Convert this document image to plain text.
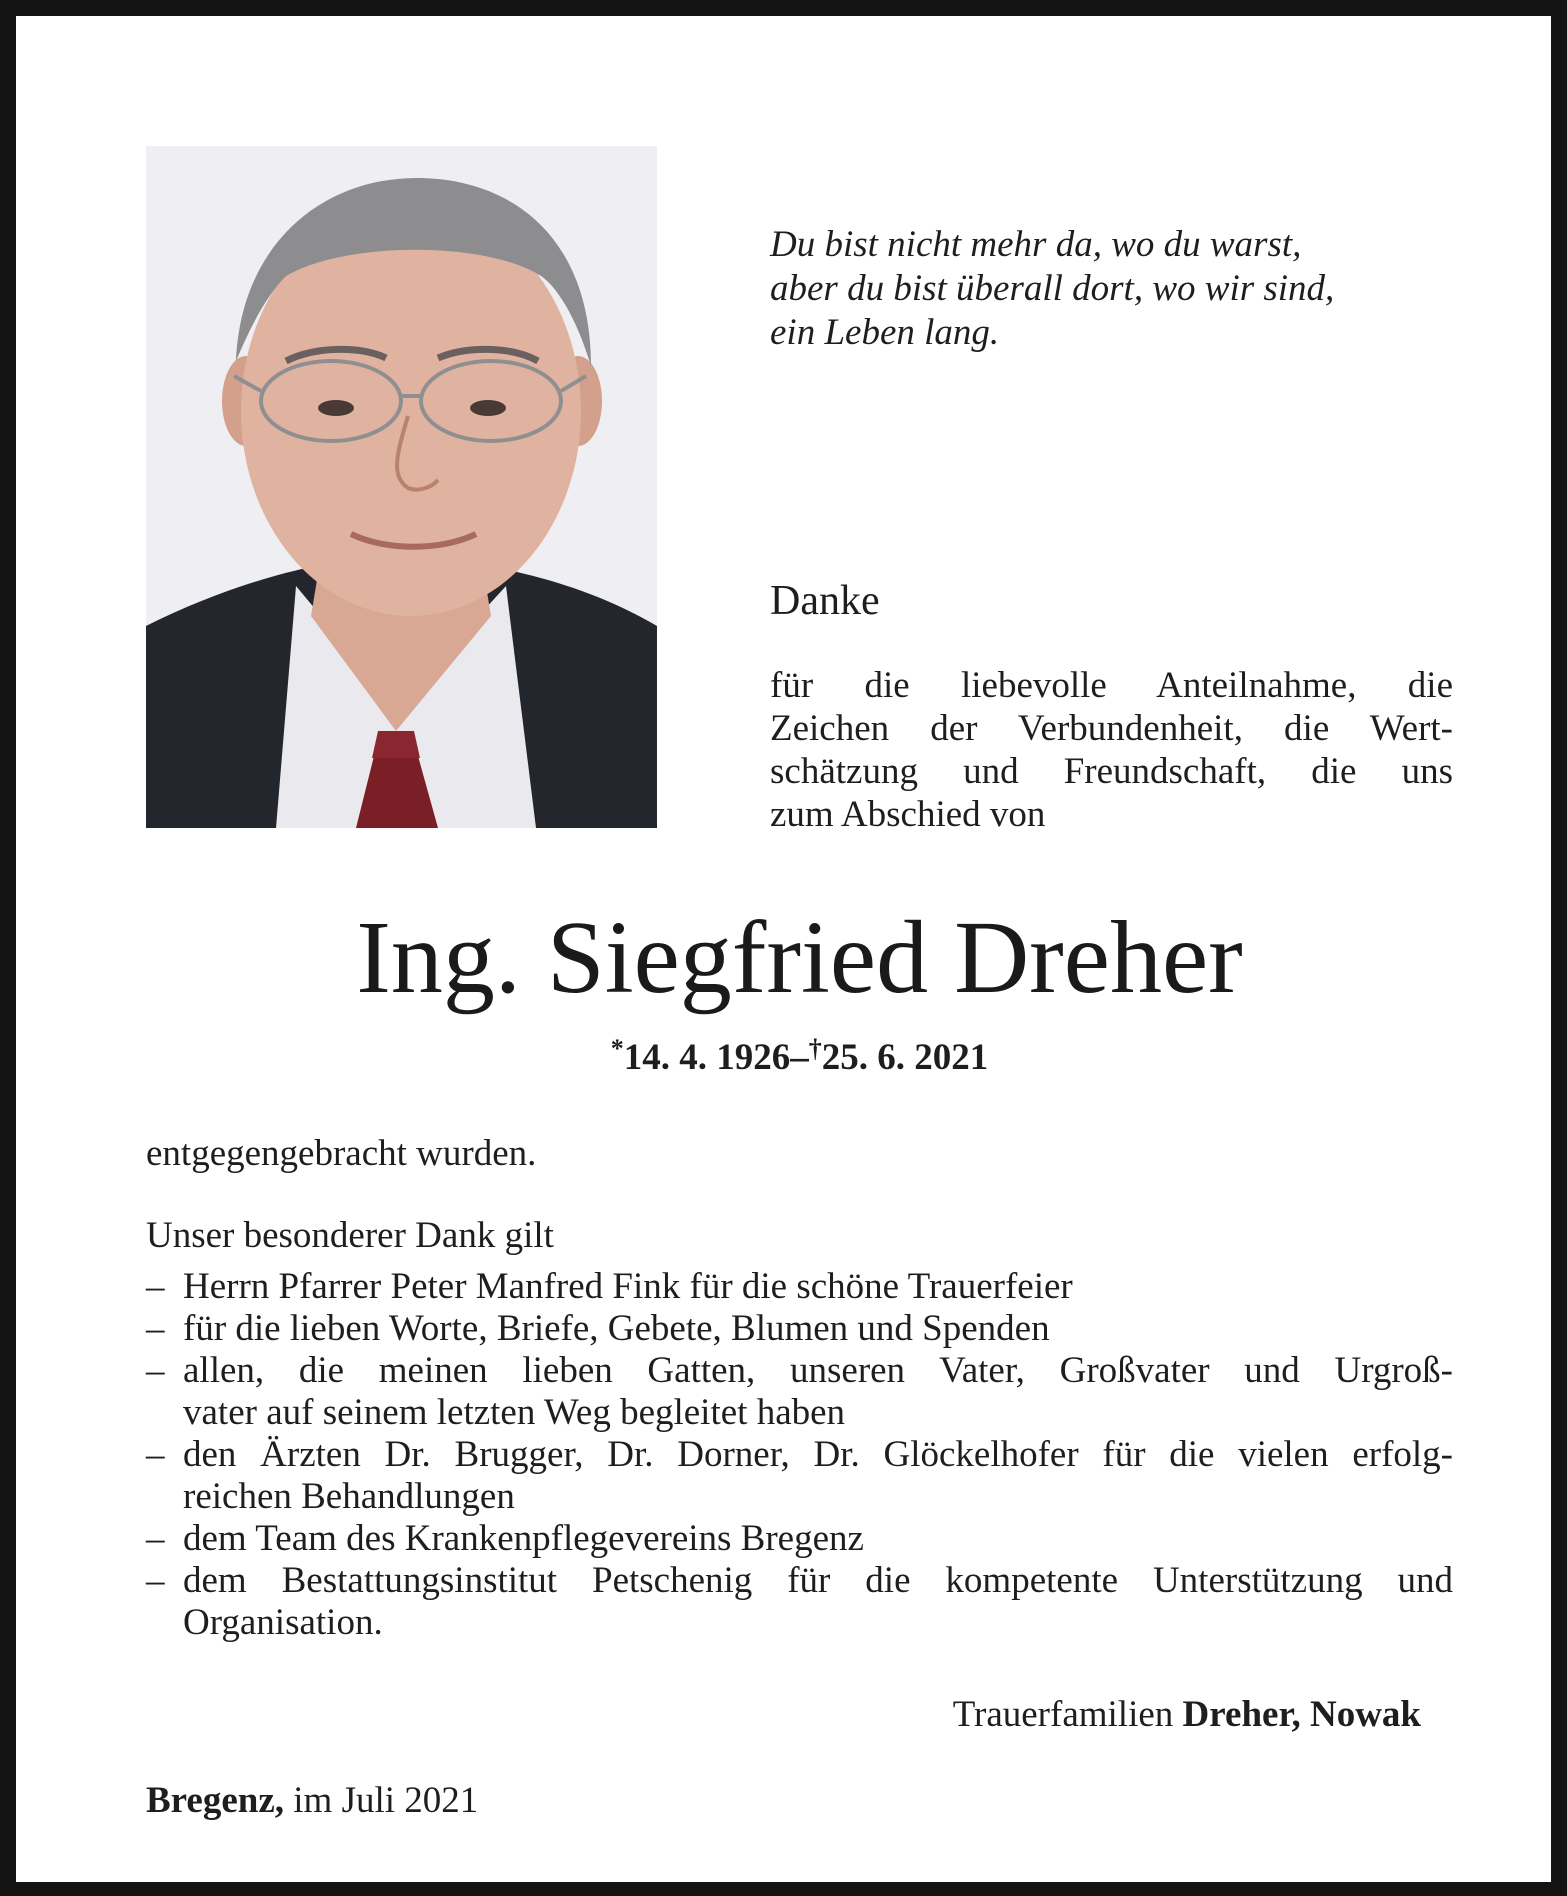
Du bist nicht mehr da, wo du warst,
aber du bist überall dort, wo wir sind,
ein Leben lang.
Danke
für die liebevolle Anteilnahme, die
Zeichen der Verbundenheit, die Wert-
schätzung und Freundschaft, die uns
zum Abschied von
Ing. Siegfried Dreher
*14. 4. 1926–†25. 6. 2021
entgegengebracht wurden.
Unser besonderer Dank gilt
– Herrn Pfarrer Peter Manfred Fink für die schöne Trauerfeier
– für die lieben Worte, Briefe, Gebete, Blumen und Spenden
– allen, die meinen lieben Gatten, unseren Vater, Großvater und Urgroß-
vater auf seinem letzten Weg begleitet haben
– den Ärzten Dr. Brugger, Dr. Dorner, Dr. Glöckelhofer für die vielen erfolg-
reichen Behandlungen
– dem Team des Krankenpflegevereins Bregenz
– dem Bestattungsinstitut Petschenig für die kompetente Unterstützung und
Organisation.
Trauerfamilien Dreher, Nowak
Bregenz, im Juli 2021
